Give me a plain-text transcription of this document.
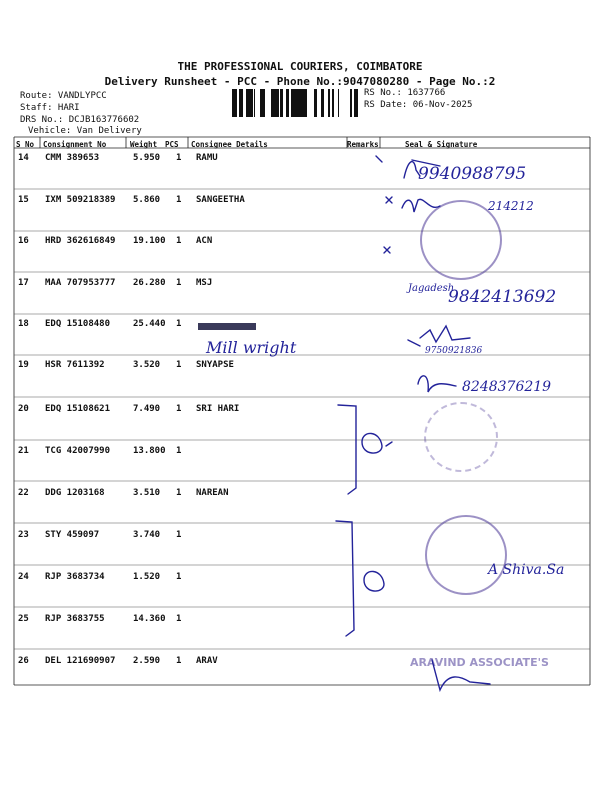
THE PROFESSIONAL COURIERS, COIMBATORE
Delivery Runsheet - PCC - Phone No.:9047080280 - Page No.:2
Route: VANDLYPCC
Staff: HARI
DRS No.: DCJB163776602
Vehicle: Van Delivery
RS No.: 1637766
RS Date: 06-Nov-2025
S No Consignment No	Weight PCS Consignee Details	Remarks	Seal & Signature
14 CMM 389653	5.950 1 RAMU
15 IXM 509218389 5.860 1 SANGEETHA
16 HRD 362616849 19.100 1 ACN
17 MAA 707953777 26.280 1 MSJ
18 EDQ 15108480	25.440 1
19 HSR 7611392	3.520 1 SNYAPSE
20 EDQ 15108621	7.490 1 SRI HARI
21 TCG 42007990	13.800 1
22 DDG 1203168	3.510 1 NAREAN
23 STY 459097	3.740 1
24 RJP 3683734	1.520 1
25 RJP 3683755	14.360 1
26 DEL 121690907 2.590 1 ARAV
9940988795
214212
Jagadesh
9842413692
Mill wright	9750921836
8248376219
A Shiva.Sa
ARAVIND ASSOCIATE'S
